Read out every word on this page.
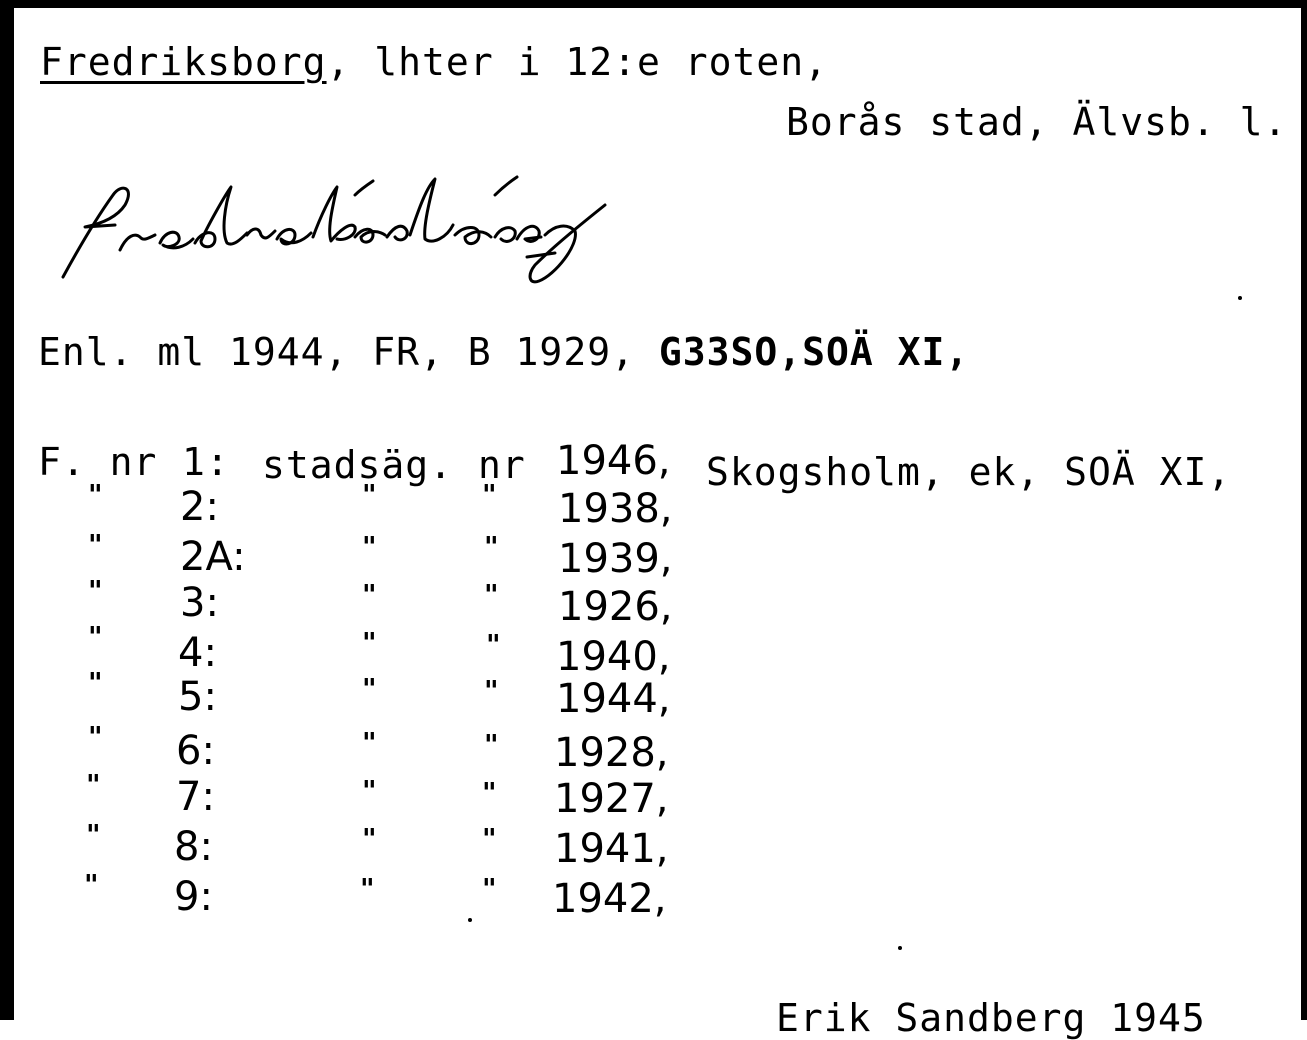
Fredriksborg, lhter i 12:e roten,
Borås stad, Älvsb. l.
Enl. ml 1944, FR, B 1929, G33SO,SOÄ XI,
F. nr 1: stadsäg. nr 1946, Skogsholm, ek, SOÄ XI,
" 2:	"	" 1938,
" 2A:	"	" 1939,
" 3:	"	" 1926,
" 4:	"	" 1940,
" 5:	"	" 1944,
" 6:	"	" 1928,
" 7:	"	" 1927,
" 8:	"	" 1941,
" 9:	"	" 1942,
Erik Sandberg 1945
